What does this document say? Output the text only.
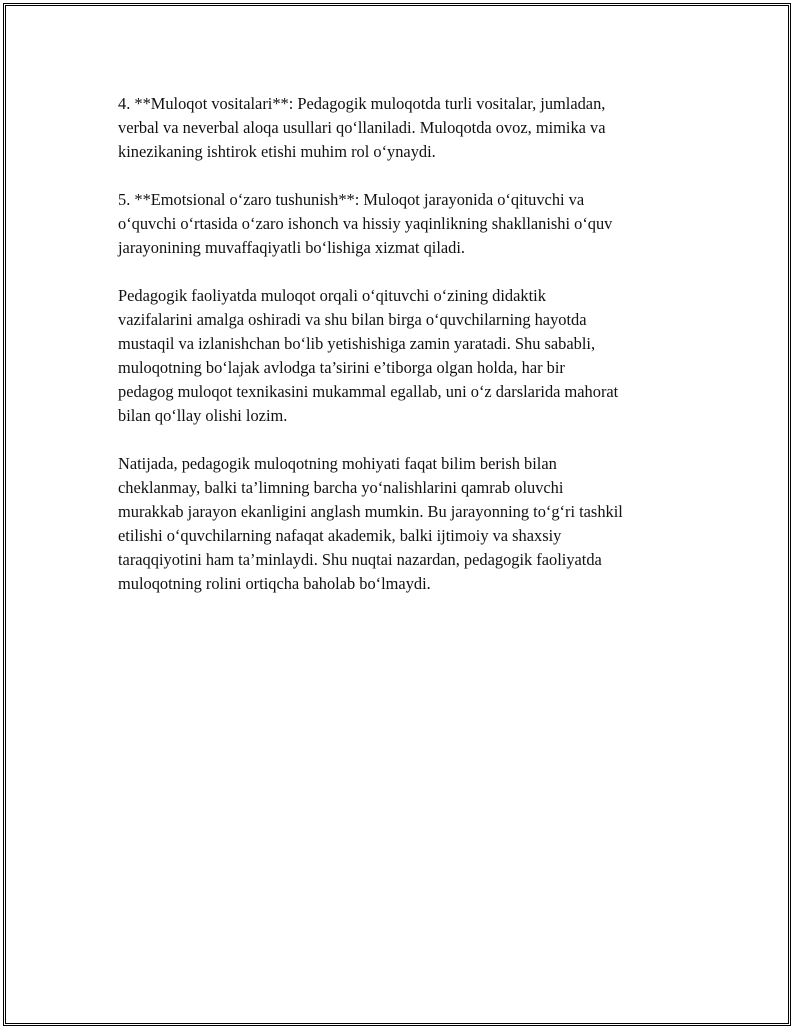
4. **Muloqot vositalari**: Pedagogik muloqotda turli vositalar, jumladan,
verbal va neverbal aloqa usullari qo‘llaniladi. Muloqotda ovoz, mimika va
kinezikaning ishtirok etishi muhim rol o‘ynaydi.

5. **Emotsional o‘zaro tushunish**: Muloqot jarayonida o‘qituvchi va
o‘quvchi o‘rtasida o‘zaro ishonch va hissiy yaqinlikning shakllanishi o‘quv
jarayonining muvaffaqiyatli bo‘lishiga xizmat qiladi.

Pedagogik faoliyatda muloqot orqali o‘qituvchi o‘zining didaktik
vazifalarini amalga oshiradi va shu bilan birga o‘quvchilarning hayotda
mustaqil va izlanishchan bo‘lib yetishishiga zamin yaratadi. Shu sababli,
muloqotning bo‘lajak avlodga ta’sirini e’tiborga olgan holda, har bir
pedagog muloqot texnikasini mukammal egallab, uni o‘z darslarida mahorat
bilan qo‘llay olishi lozim.

Natijada, pedagogik muloqotning mohiyati faqat bilim berish bilan
cheklanmay, balki ta’limning barcha yo‘nalishlarini qamrab oluvchi
murakkab jarayon ekanligini anglash mumkin. Bu jarayonning to‘g‘ri tashkil
etilishi o‘quvchilarning nafaqat akademik, balki ijtimoiy va shaxsiy
taraqqiyotini ham ta’minlaydi. Shu nuqtai nazardan, pedagogik faoliyatda
muloqotning rolini ortiqcha baholab bo‘lmaydi.
